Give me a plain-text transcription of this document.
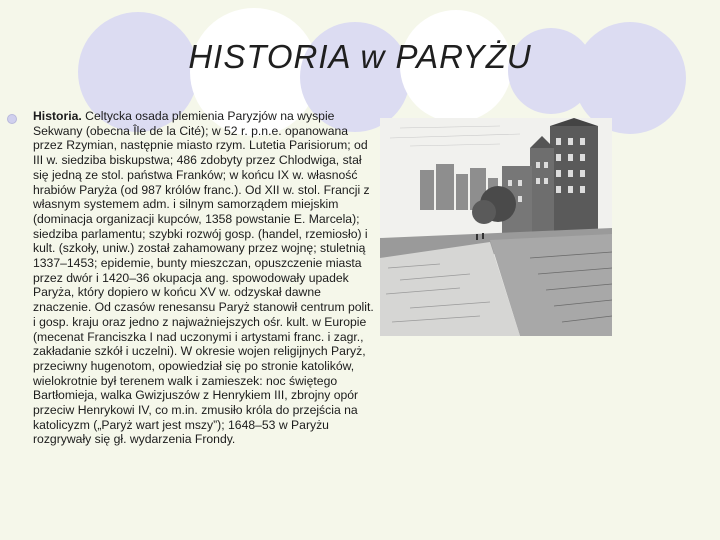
HISTORIA w PARYŻU

Historia. Celtycka osada plemienia Paryzjów na wyspie Sekwany (obecna Île de la Cité); w 52 r. p.n.e. opanowana przez Rzymian, następnie miasto rzym. Lutetia Parisiorum; od III w. siedziba biskupstwa; 486 zdobyty przez Chlodwiga, stał się jedną ze stol. państwa Franków; w końcu IX w. własność hrabiów Paryża (od 987 królów franc.). Od XII w. stol. Francji z własnym systemem adm. i silnym samorządem miejskim (dominacja organizacji kupców, 1358 powstanie E. Marcela); siedziba parlamentu; szybki rozwój gosp. (handel, rzemiosło) i kult. (szkoły, uniw.) został zahamowany przez wojnę; stuletnią 1337–1453; epidemie, bunty mieszczan, opuszczenie miasta przez dwór i 1420–36 okupacja ang. spowodowały upadek Paryża, który dopiero w końcu XV w. odzyskał dawne znaczenie. Od czasów renesansu Paryż stanowił centrum polit. i gosp. kraju oraz jedno z najważniejszych ośr. kult. w Europie (mecenat Franciszka I nad uczonymi i artystami franc. i zagr., zakładanie szkół i uczelni). W okresie wojen religijnych Paryż, przeciwny hugenotom, opowiedział się po stronie katolików, wielokrotnie był terenem walk i zamieszek: noc świętego Bartłomieja, walka Gwizjuszów z Henrykiem III, zbrojny opór przeciw Henrykowi IV, co m.in. zmusiło króla do przejścia na katolicyzm („Paryż wart jest mszy”); 1648–53 w Paryżu rozgrywały się gł. wydarzenia Frondy.
